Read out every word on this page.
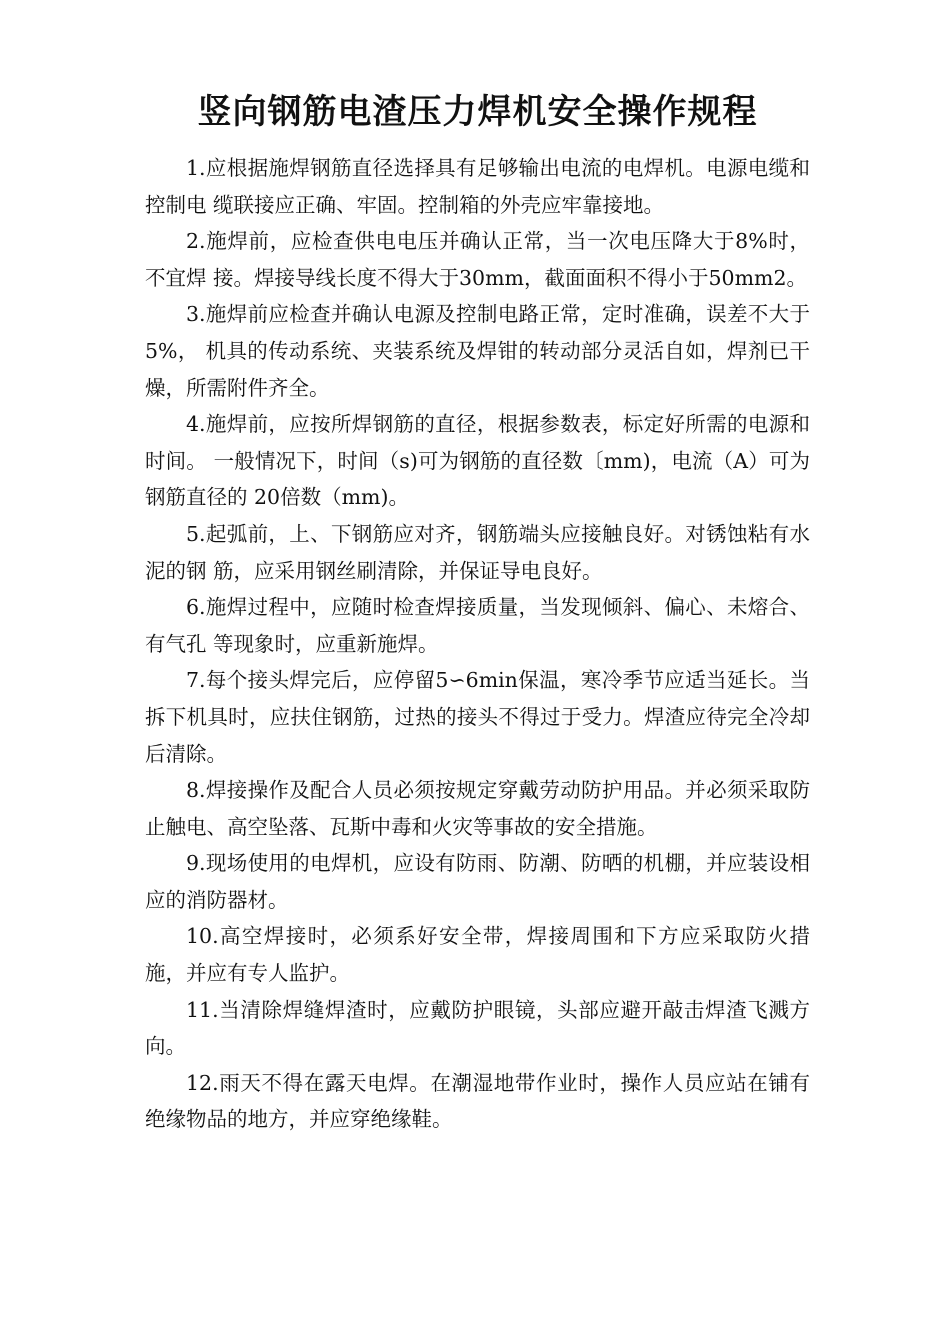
竖向钢筋电渣压力焊机安全操作规程

1.应根据施焊钢筋直径选择具有足够输出电流的电焊机。电源电缆和控制电 缆联接应正确、牢固。控制箱的外壳应牢靠接地。

2.施焊前，应检查供电电压并确认正常，当一次电压降大于8%时，不宜焊 接。焊接导线长度不得大于30mm，截面面积不得小于50mm2。

3.施焊前应检查并确认电源及控制电路正常，定时准确，误差不大于5%， 机具的传动系统、夹装系统及焊钳的转动部分灵活自如，焊剂已干燥，所需附件齐全。

4.施焊前，应按所焊钢筋的直径，根据参数表，标定好所需的电源和时间。 一般情况下，时间（s)可为钢筋的直径数〔mm)，电流（A）可为钢筋直径的 20倍数（mm)。

5.起弧前，上、下钢筋应对齐，钢筋端头应接触良好。对锈蚀粘有水泥的钢 筋，应采用钢丝刷清除，并保证导电良好。

6.施焊过程中，应随时检查焊接质量，当发现倾斜、偏心、未熔合、有气孔 等现象时，应重新施焊。

7.每个接头焊完后，应停留5∽6min保温，寒冷季节应适当延长。当拆下机具时，应扶住钢筋，过热的接头不得过于受力。焊渣应待完全冷却后清除。

8.焊接操作及配合人员必须按规定穿戴劳动防护用品。并必须采取防止触电、高空坠落、瓦斯中毒和火灾等事故的安全措施。

9.现场使用的电焊机，应设有防雨、防潮、防晒的机棚，并应装设相应的消防器材。

10.高空焊接时，必须系好安全带，焊接周围和下方应采取防火措施，并应有专人监护。

11.当清除焊缝焊渣时，应戴防护眼镜，头部应避开敲击焊渣飞溅方向。

12.雨天不得在露天电焊。在潮湿地带作业时，操作人员应站在铺有绝缘物品的地方，并应穿绝缘鞋。
